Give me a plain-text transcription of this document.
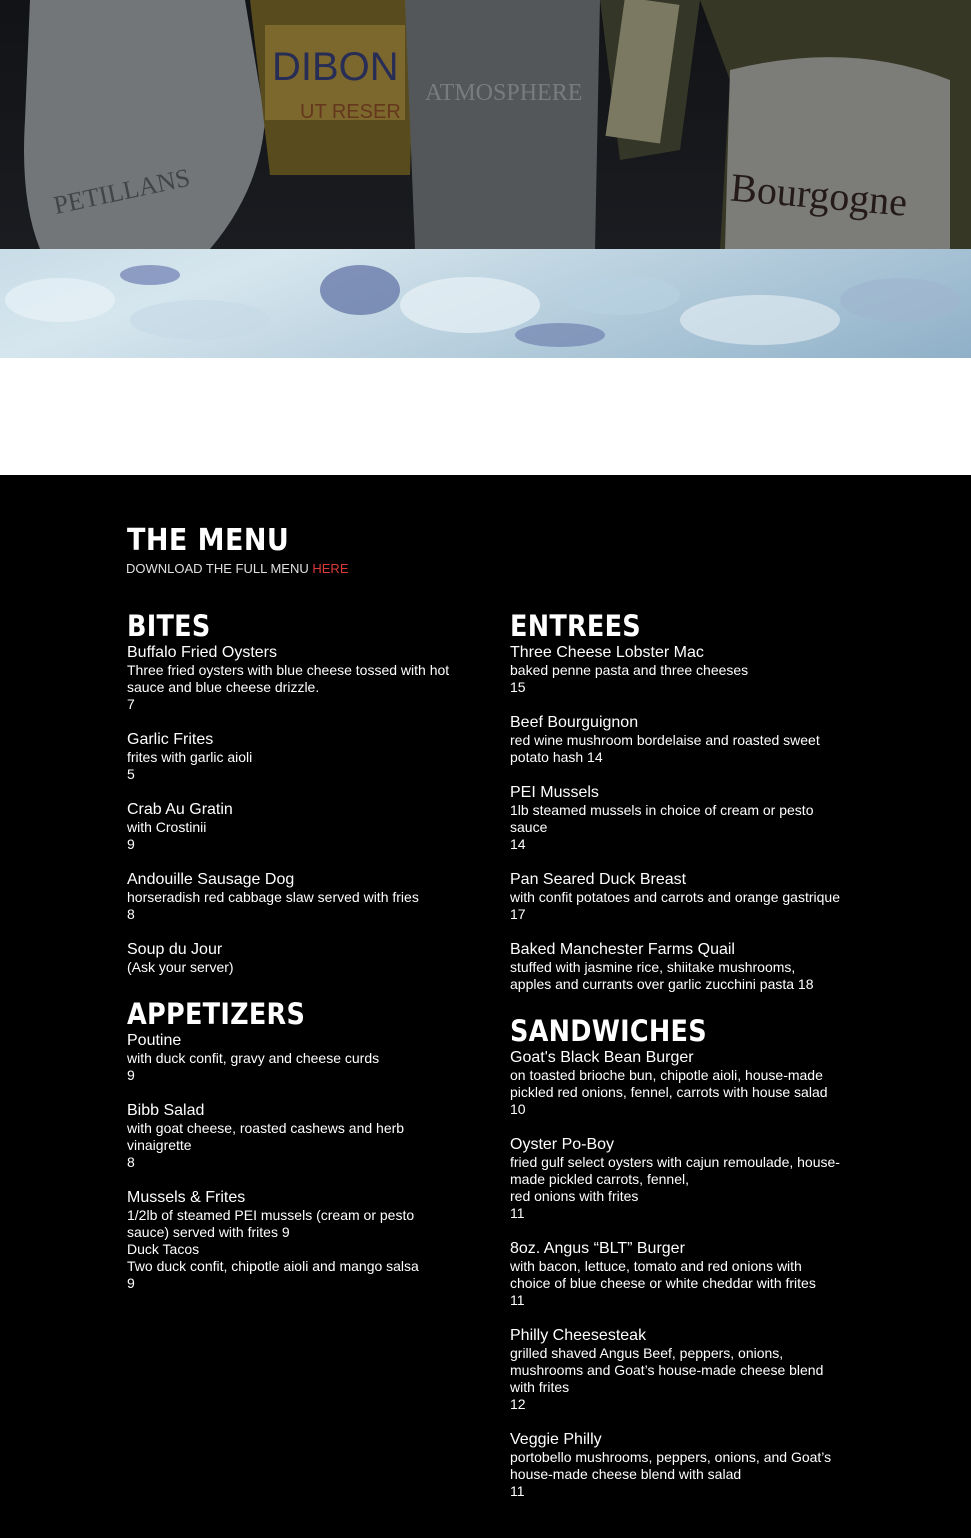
PETILLANS
DIBON
UT RESER
ATMOSPHERE
Bourgogne
THE MENU
DOWNLOAD THE FULL MENU HERE
BITES
Buffalo Fried Oysters
Three fried oysters with blue cheese tossed with hot sauce and blue cheese drizzle.
7
Garlic Frites
frites with garlic aioli
5
Crab Au Gratin
with Crostinii
9
Andouille Sausage Dog
horseradish red cabbage slaw served with fries
8
Soup du Jour
(Ask your server)
APPETIZERS
Poutine
with duck confit, gravy and cheese curds
9
Bibb Salad
with goat cheese, roasted cashews and herb vinaigrette
8
Mussels & Frites
1/2lb of steamed PEI mussels (cream or pesto sauce) served with frites 9
Duck Tacos
Two duck confit, chipotle aioli and mango salsa
9
ENTREES
Three Cheese Lobster Mac
baked penne pasta and three cheeses
15
Beef Bourguignon
red wine mushroom bordelaise and roasted sweet potato hash 14
PEI Mussels
1lb steamed mussels in choice of cream or pesto sauce
14
Pan Seared Duck Breast
with confit potatoes and carrots and orange gastrique
17
Baked Manchester Farms Quail
stuffed with jasmine rice, shiitake mushrooms, apples and currants over garlic zucchini pasta 18
SANDWICHES
Goat's Black Bean Burger
on toasted brioche bun, chipotle aioli, house-made pickled red onions, fennel, carrots with house salad
10
Oyster Po-Boy
fried gulf select oysters with cajun remoulade, house-made pickled carrots, fennel,
red onions with frites
11
8oz. Angus “BLT” Burger
with bacon, lettuce, tomato and red onions with choice of blue cheese or white cheddar with frites
11
Philly Cheesesteak
grilled shaved Angus Beef, peppers, onions, mushrooms and Goat’s house-made cheese blend with frites
12
Veggie Philly
portobello mushrooms, peppers, onions, and Goat’s house-made cheese blend with salad
11
